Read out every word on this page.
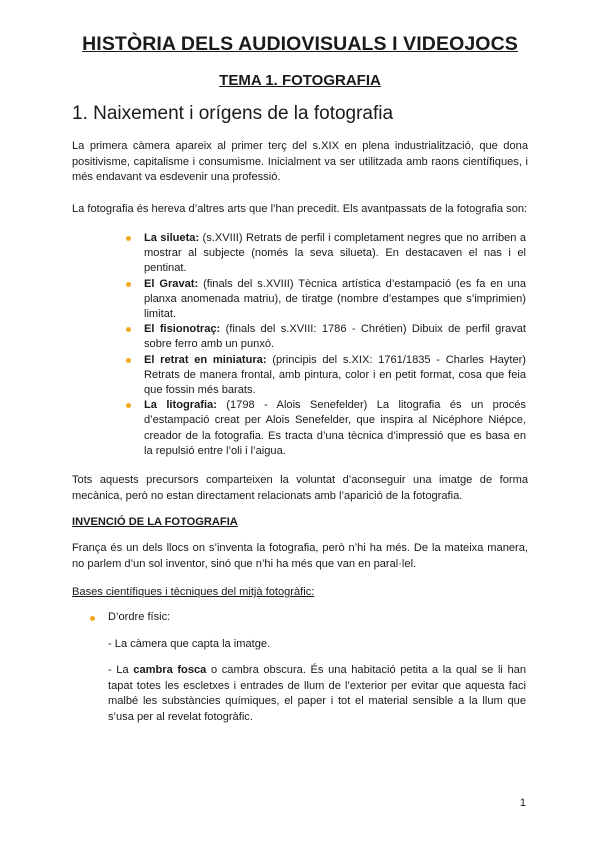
HISTÒRIA DELS AUDIOVISUALS I VIDEOJOCS
TEMA 1. FOTOGRAFIA
1. Naixement i orígens de la fotografia

La primera càmera apareix al primer terç del s.XIX en plena industrialització, que dona positivisme, capitalisme i consumisme. Inicialment va ser utilitzada amb raons científiques, i més endavant va esdevenir una professió.

La fotografia és hereva d’altres arts que l’han precedit. Els avantpassats de la fotografia son:

La silueta: (s.XVIII) Retrats de perfil i completament negres que no arriben a mostrar al subjecte (només la seva silueta). En destacaven el nas i el pentinat.
El Gravat: (finals del s.XVIII) Tècnica artística d’estampació (es fa en una planxa anomenada matriu), de tiratge (nombre d’estampes que s’imprimien) limitat.
El fisionotraç: (finals del s.XVIII: 1786 - Chrétien) Dibuix de perfil gravat sobre ferro amb un punxó.
El retrat en miniatura: (principis del s.XIX: 1761/1835 - Charles Hayter) Retrats de manera frontal, amb pintura, color i en petit format, cosa que feia que fossin més barats.
La litografia: (1798 - Alois Senefelder) La litografia és un procés d’estampació creat per Alois Senefelder, que inspira al Nicéphore Niépce, creador de la fotografia. Es tracta d’una tècnica d’impressió que es basa en la repulsió entre l’oli i l’aigua.

Tots aquests precursors comparteixen la voluntat d’aconseguir una imatge de forma mecànica, però no estan directament relacionats amb l’aparició de la fotografia.

INVENCIÓ DE LA FOTOGRAFIA

França és un dels llocs on s’inventa la fotografia, però n’hi ha més. De la mateixa manera, no parlem d’un sol inventor, sinó que n’hi ha més que van en paral·lel.

Bases científiques i tècniques del mitjà fotogràfic:
D’ordre físic:

- La càmera que capta la imatge.

- La cambra fosca o cambra obscura. És una habitació petita a la qual se li han tapat totes les escletxes i entrades de llum de l’exterior per evitar que aquesta faci malbé les substàncies químiques, el paper i tot el material sensible a la llum que s’usa per al revelat fotogràfic.

1
